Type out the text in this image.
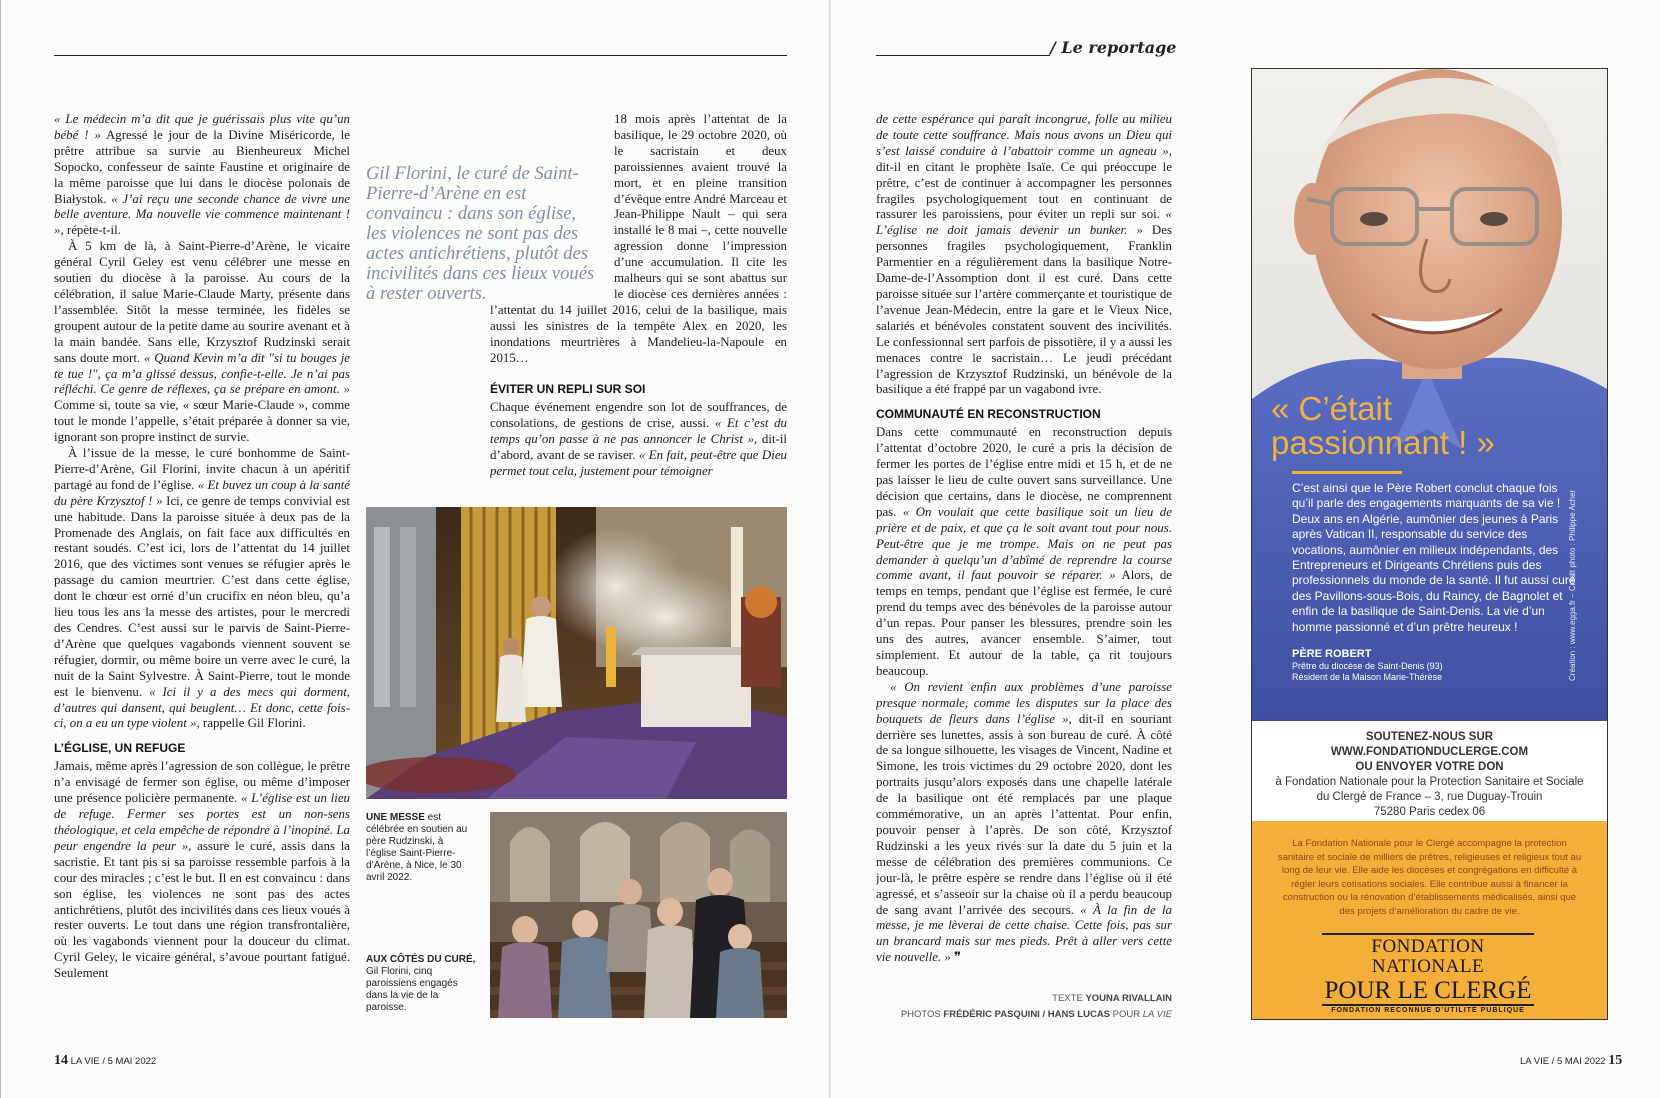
/ Le reportage

« Le médecin m’a dit que je guérissais plus vite qu’un bébé ! » Agressé le jour de la Divine Miséricorde, le prêtre attribue sa survie au Bienheureux Michel Sopocko, confesseur de sainte Faustine et originaire de la même paroisse que lui dans le diocèse polonais de Białystok. « J’ai reçu une seconde chance de vivre une belle aventure. Ma nouvelle vie commence maintenant ! », répète-t-il.

À 5 km de là, à Saint-Pierre-d’Arène, le vicaire général Cyril Geley est venu célébrer une messe en soutien du diocèse à la paroisse. Au cours de la célébration, il salue Marie-Claude Marty, présente dans l’assemblée. Sitôt la messe terminée, les fidèles se groupent autour de la petite dame au sourire avenant et à la main bandée. Sans elle, Krzysztof Rudzinski serait sans doute mort. « Quand Kevin m’a dit "si tu bouges je te tue !", ça m’a glissé dessus, confie-t-elle. Je n’ai pas réfléchi. Ce genre de réflexes, ça se prépare en amont. » Comme si, toute sa vie, « sœur Marie-Claude », comme tout le monde l’appelle, s’était préparée à donner sa vie, ignorant son propre instinct de survie.

À l’issue de la messe, le curé bonhomme de Saint-Pierre-d’Arène, Gil Florini, invite chacun à un apéritif partagé au fond de l’église. « Et buvez un coup à la santé du père Krzysztof ! » Ici, ce genre de temps convivial est une habitude. Dans la paroisse située à deux pas de la Promenade des Anglais, on fait face aux difficultés en restant soudés. C’est ici, lors de l’attentat du 14 juillet 2016, que des victimes sont venues se réfugier après le passage du camion meurtrier. C’est dans cette église, dont le chœur est orné d’un crucifix en néon bleu, qu’a lieu tous les ans la messe des artistes, pour le mercredi des Cendres. C’est aussi sur le parvis de Saint-Pierre-d’Arène que quelques vagabonds viennent souvent se réfugier, dormir, ou même boire un verre avec le curé, la nuit de la Saint Sylvestre. À Saint-Pierre, tout le monde est le bienvenu. « Ici il y a des mecs qui dorment, d’autres qui dansent, qui beuglent… Et donc, cette fois-ci, on a eu un type violent », rappelle Gil Florini.

L’ÉGLISE, UN REFUGE

Jamais, même après l’agression de son collègue, le prêtre n’a envisagé de fermer son église, ou même d’imposer une présence policière permanente. « L’église est un lieu de refuge. Fermer ses portes est un non-sens théologique, et cela empêche de répondre à l’inopiné. La peur engendre la peur », assure le curé, assis dans la sacristie. Et tant pis si sa paroisse ressemble parfois à la cour des miracles ; c’est le but. Il en est convaincu : dans son église, les violences ne sont pas des actes antichrétiens, plutôt des incivilités dans ces lieux voués à rester ouverts. Le tout dans une région transfrontalière, où les vagabonds viennent pour la douceur du climat. Cyril Geley, le vicaire général, s’avoue pourtant fatigué. Seulement

18 mois après l’attentat de la basilique, le 29 octobre 2020, où le sacristain et deux paroissiennes avaient trouvé la mort, et en pleine transition d’évêque entre André Marceau et Jean-Philippe Nault – qui sera installé le 8 mai –, cette nouvelle agression donne l’impression d’une accumulation. Il cite les malheurs qui se sont abattus sur le diocèse ces dernières années : l’attentat du 14 juillet 2016, celui de la basilique, mais aussi les sinistres de la tempête Alex en 2020, les inondations meurtrières à Mandelieu-la-Napoule en 2015…

Gil Florini, le curé de Saint-Pierre-d’Arène en est convaincu : dans son église, les violences ne sont pas des actes antichrétiens, plutôt des incivilités dans ces lieux voués à rester ouverts.
ÉVITER UN REPLI SUR SOI

Chaque événement engendre son lot de souffrances, de consolations, de gestions de crise, aussi. « Et c’est du temps qu’on passe à ne pas annoncer le Christ », dit-il d’abord, avant de se raviser. « En fait, peut-être que Dieu permet tout cela, justement pour témoigner

UNE MESSE est célébrée en soutien au père Rudzinski, à l’église Saint-Pierre-d’Arène, à Nice, le 30 avril 2022.
AUX CÔTÉS DU CURÉ, Gil Florini, cinq paroissiens engagés dans la vie de la paroisse.
14 LA VIE / 5 MAI 2022

de cette espérance qui paraît incongrue, folle au milieu de toute cette souffrance. Mais nous avons un Dieu qui s’est laissé conduire à l’abattoir comme un agneau », dit-il en citant le prophète Isaïe. Ce qui préoccupe le prêtre, c’est de continuer à accompagner les personnes fragiles psychologiquement tout en continuant de rassurer les paroissiens, pour éviter un repli sur soi. « L’église ne doit jamais devenir un bunker. » Des personnes fragiles psychologiquement, Franklin Parmentier en a régulièrement dans la basilique Notre-Dame-de-l’Assomption dont il est curé. Dans cette paroisse située sur l’artère commerçante et touristique de l’avenue Jean-Médecin, entre la gare et le Vieux Nice, salariés et bénévoles constatent souvent des incivilités. Le confessionnal sert parfois de pissotière, il y a aussi les menaces contre le sacristain… Le jeudi précédant l’agression de Krzysztof Rudzinski, un bénévole de la basilique a été frappé par un vagabond ivre.

COMMUNAUTÉ EN RECONSTRUCTION

Dans cette communauté en reconstruction depuis l’attentat d’octobre 2020, le curé a pris la décision de fermer les portes de l’église entre midi et 15 h, et de ne pas laisser le lieu de culte ouvert sans surveillance. Une décision que certains, dans le diocèse, ne comprennent pas. « On voulait que cette basilique soit un lieu de prière et de paix, et que ça le soit avant tout pour nous. Peut-être que je me trompe. Mais on ne peut pas demander à quelqu’un d’abîmé de reprendre la course comme avant, il faut pouvoir se réparer. » Alors, de temps en temps, pendant que l’église est fermée, le curé prend du temps avec des bénévoles de la paroisse autour d’un repas. Pour panser les blessures, prendre soin les uns des autres, avancer ensemble. S’aimer, tout simplement. Et autour de la table, ça rit toujours beaucoup.

« On revient enfin aux problèmes d’une paroisse presque normale, comme les disputes sur la place des bouquets de fleurs dans l’église », dit-il en souriant derrière ses lunettes, assis à son bureau de curé. À côté de sa longue silhouette, les visages de Vincent, Nadine et Simone, les trois victimes du 29 octobre 2020, dont les portraits jusqu’alors exposés dans une chapelle latérale de la basilique ont été remplacés par une plaque commémorative, un an après l’attentat. Pour enfin, pouvoir penser à l’après. De son côté, Krzysztof Rudzinski a les yeux rivés sur la date du 5 juin et la messe de célébration des premières communions. Ce jour-là, le prêtre espère se rendre dans l’église où il été agressé, et s’asseoir sur la chaise où il a perdu beaucoup de sang avant l’arrivée des secours. « À la fin de la messe, je me lèverai de cette chaise. Cette fois, pas sur un brancard mais sur mes pieds. Prêt à aller vers cette vie nouvelle. » ❞

TEXTE YOUNA RIVALLAIN
PHOTOS FRÉDÉRIC PASQUINI / HANS LUCAS POUR LA VIE
LA VIE / 5 MAI 2022 15
« C’était passionnant ! »
C’est ainsi que le Père Robert conclut chaque fois qu’il parle des engagements marquants de sa vie ! Deux ans en Algérie, aumônier des jeunes à Paris après Vatican II, responsable du service des vocations, aumônier en milieux indépendants, des Entrepreneurs et Dirigeants Chrétiens puis des professionnels du monde de la santé. Il fut aussi curé des Pavillons-sous-Bois, du Raincy, de Bagnolet et enfin de la basilique de Saint-Denis. La vie d’un homme passionné et d’un prêtre heureux !
PÈRE ROBERT
Prêtre du diocèse de Saint-Denis (93)
Résident de la Maison Marie-Thérèse	Création : www.egga.fr – Crédit photo : Philippe Acher
SOUTENEZ-NOUS SUR
WWW.FONDATIONDUCLERGE.COM
OU ENVOYER VOTRE DON
à Fondation Nationale pour la Protection Sanitaire et Sociale
du Clergé de France – 3, rue Duguay-Trouin
75280 Paris cedex 06
La Fondation Nationale pour le Clergé accompagne la protection sanitaire et sociale de milliers de prêtres, religieuses et religieux tout au long de leur vie. Elle aide les diocèses et congrégations en difficulté à régler leurs cotisations sociales. Elle contribue aussi à financer la construction ou la rénovation d’établissements médicalisés, ainsi que des projets d’amélioration du cadre de vie.
FONDATION NATIONALE
POUR LE CLERGÉ
FONDATION RECONNUE D’UTILITÉ PUBLIQUE
